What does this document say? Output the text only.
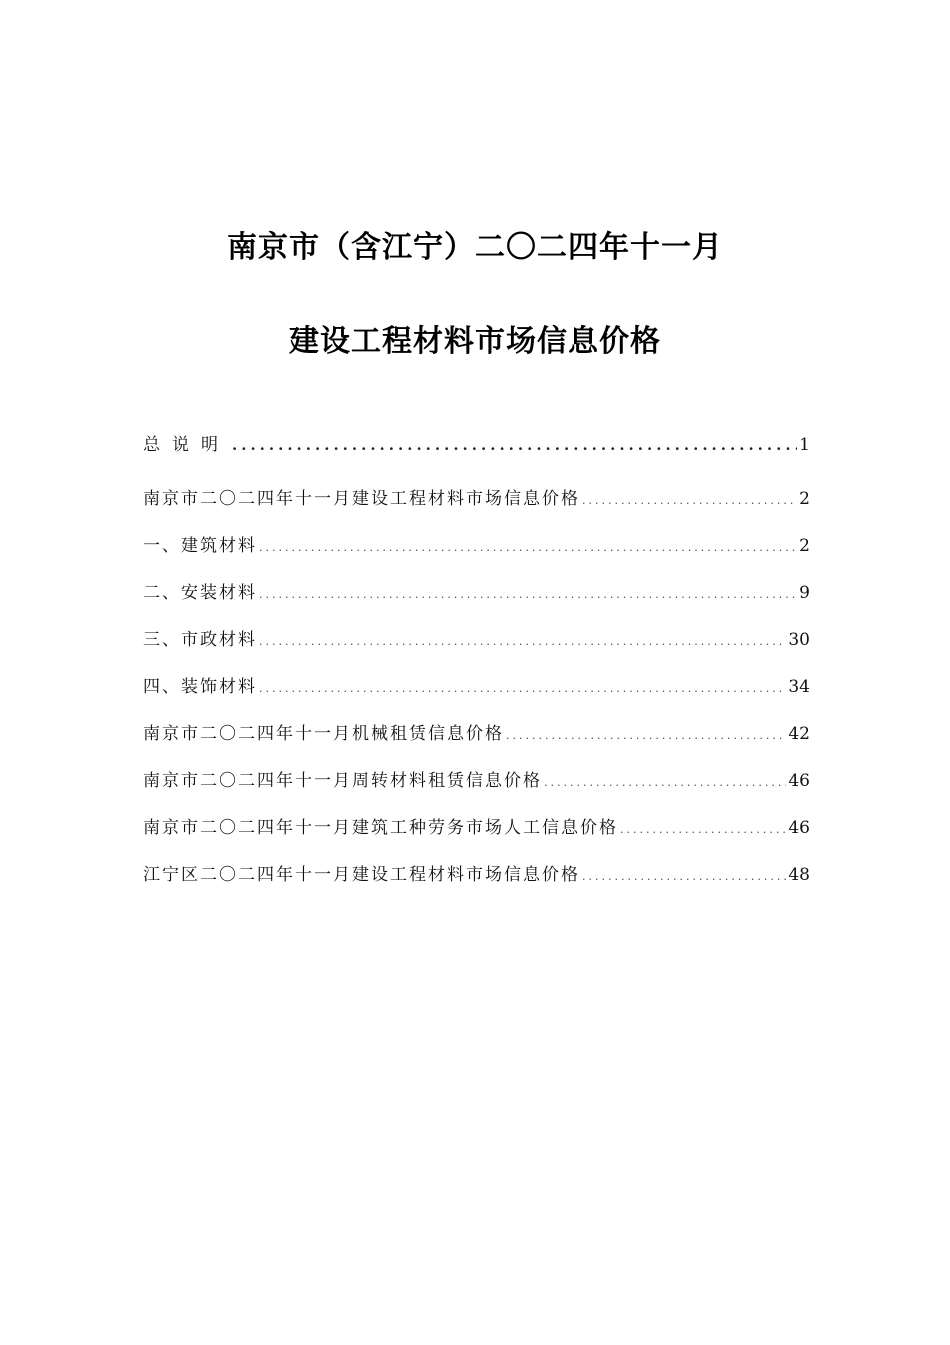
南京市（含江宁）二〇二四年十一月
建设工程材料市场信息价格
总说明 .....	1
南京市二〇二四年十一月建设工程材料市场信息价格 .....	2
一、建筑材料 .....	2
二、安装材料 .....	9
三、市政材料 .....	30
四、装饰材料 .....	34
南京市二〇二四年十一月机械租赁信息价格 .....	42
南京市二〇二四年十一月周转材料租赁信息价格 .....	46
南京市二〇二四年十一月建筑工种劳务市场人工信息价格 .....	46
江宁区二〇二四年十一月建设工程材料市场信息价格 .....	48
